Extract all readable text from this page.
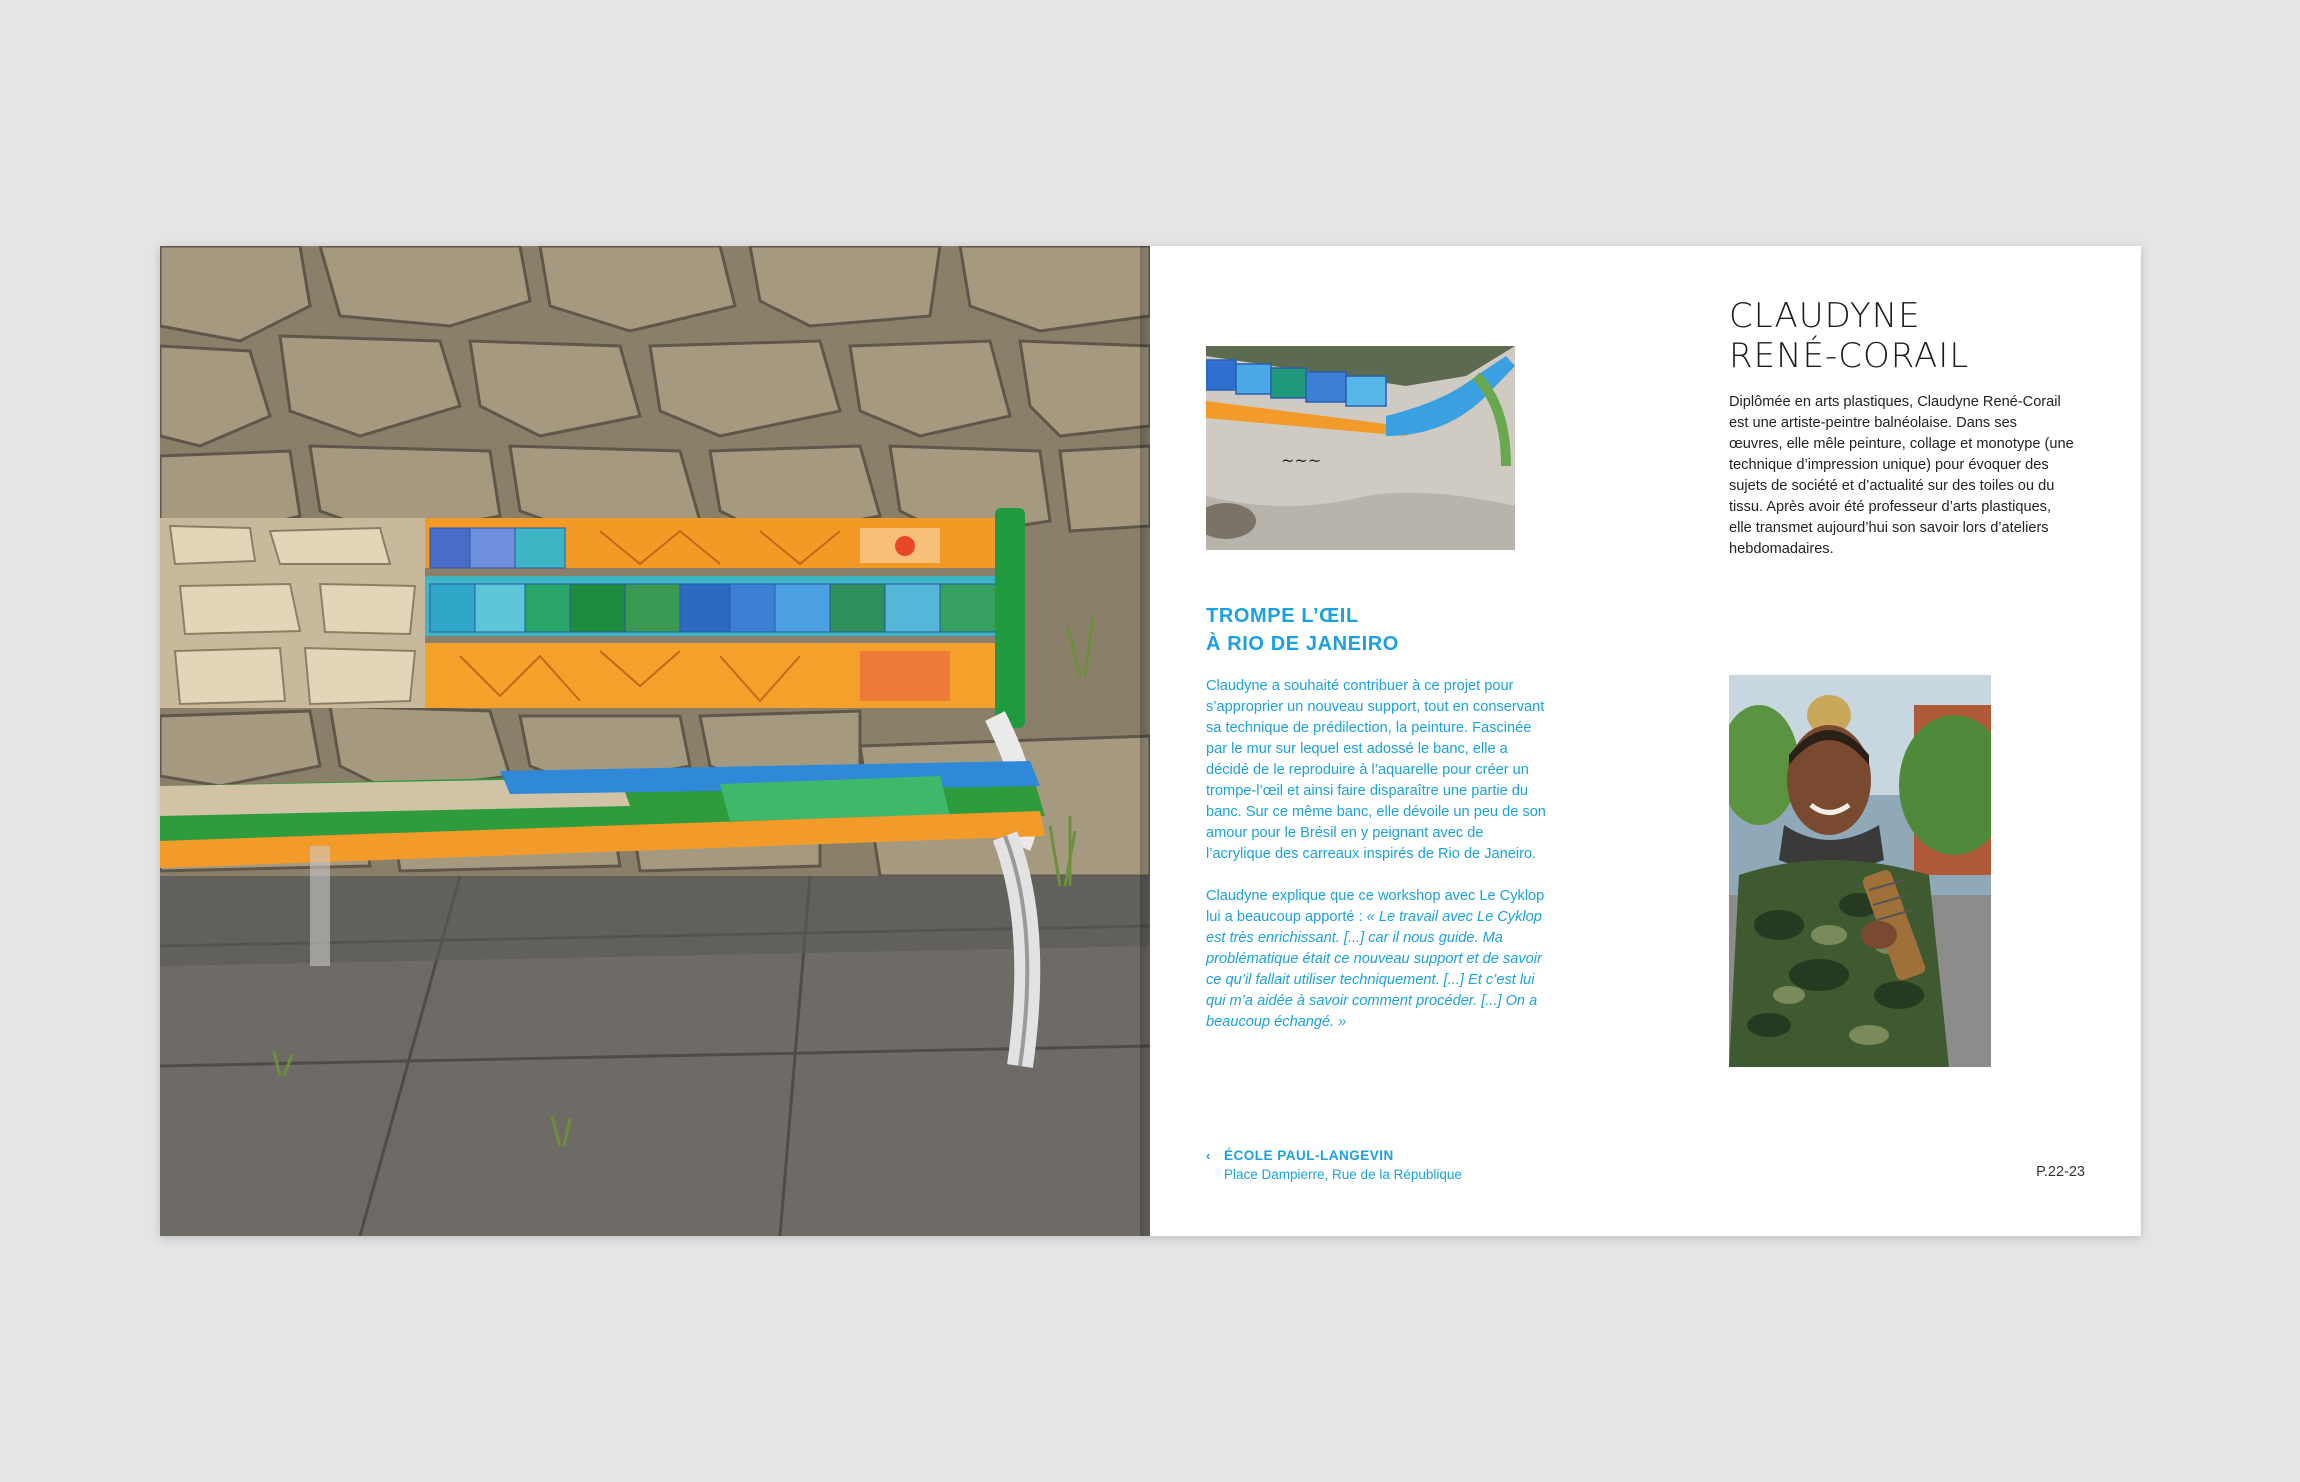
~~~
CLAUDYNE
RENÉ-CORAIL
Diplômée en arts plastiques, Claudyne René-Corail est une artiste-peintre balnéolaise. Dans ses œuvres, elle mêle peinture, collage et monotype (une technique d’impression unique) pour évoquer des sujets de société et d’actualité sur des toiles ou du tissu. Après avoir été professeur d’arts plastiques, elle transmet aujourd’hui son savoir lors d’ateliers hebdomadaires.
TROMPE L’ŒIL
À RIO DE JANEIRO

Claudyne a souhaité contribuer à ce projet pour s’approprier un nouveau support, tout en conservant sa technique de prédilection, la peinture. Fascinée par le mur sur lequel est adossé le banc, elle a décidé de le reproduire à l’aquarelle pour créer un trompe-l’œil et ainsi faire disparaître une partie du banc. Sur ce même banc, elle dévoile un peu de son amour pour le Brésil en y peignant avec de l’acrylique des carreaux inspirés de Rio de Janeiro.

Claudyne explique que ce workshop avec Le Cyklop lui a beaucoup apporté : « Le travail avec Le Cyklop est très enrichissant. [...] car il nous guide. Ma problématique était ce nouveau support et de savoir ce qu’il fallait utiliser techniquement. [...] Et c’est lui qui m’a aidée à savoir comment procéder. [...] On a beaucoup échangé. »

‹	ÉCOLE PAUL-LANGEVIN
Place Dampierre, Rue de la République	P.22-23
